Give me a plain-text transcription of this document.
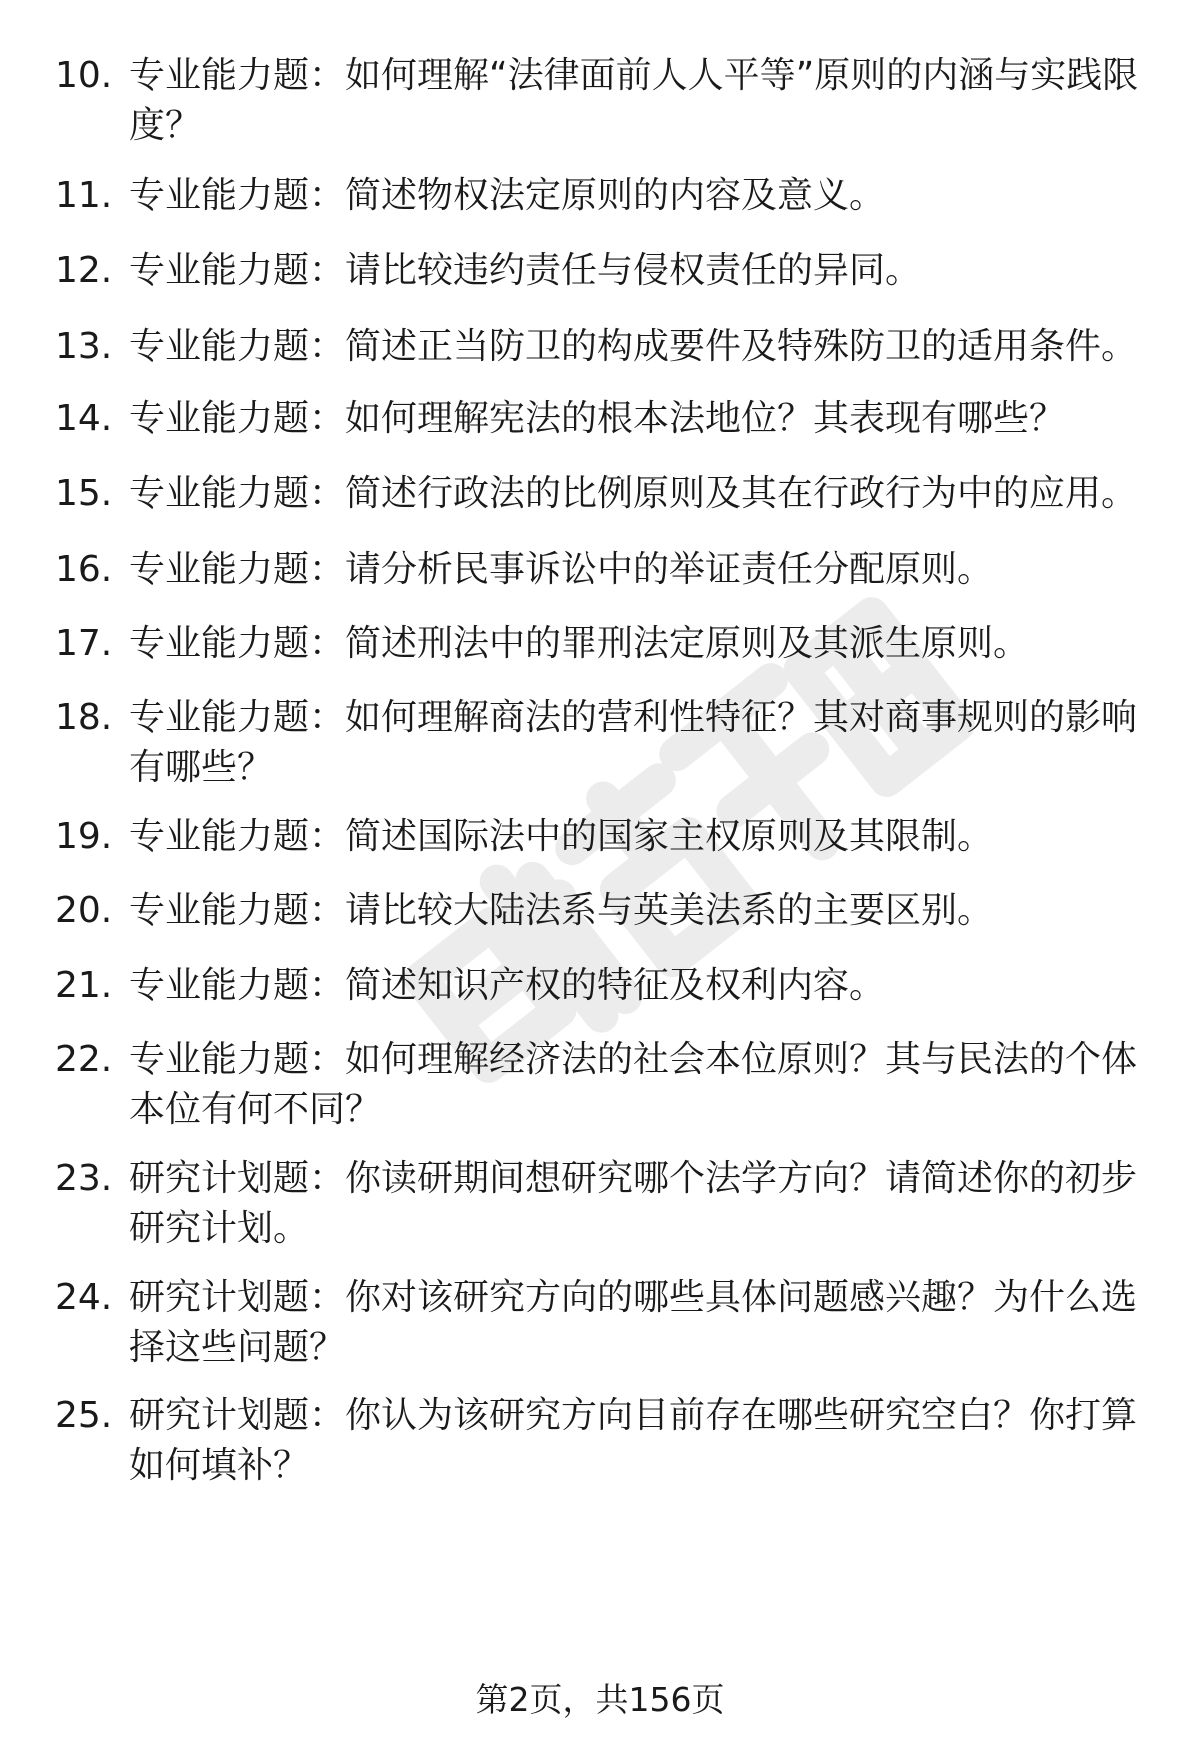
10. 专业能力题：如何理解“法律面前人人平等”原则的内涵与实践限度？
11. 专业能力题：简述物权法定原则的内容及意义。
12. 专业能力题：请比较违约责任与侵权责任的异同。
13. 专业能力题：简述正当防卫的构成要件及特殊防卫的适用条件。
14. 专业能力题：如何理解宪法的根本法地位？其表现有哪些？
15. 专业能力题：简述行政法的比例原则及其在行政行为中的应用。
16. 专业能力题：请分析民事诉讼中的举证责任分配原则。
17. 专业能力题：简述刑法中的罪刑法定原则及其派生原则。
18. 专业能力题：如何理解商法的营利性特征？其对商事规则的影响有哪些？
19. 专业能力题：简述国际法中的国家主权原则及其限制。
20. 专业能力题：请比较大陆法系与英美法系的主要区别。
21. 专业能力题：简述知识产权的特征及权利内容。
22. 专业能力题：如何理解经济法的社会本位原则？其与民法的个体本位有何不同？
23. 研究计划题：你读研期间想研究哪个法学方向？请简述你的初步研究计划。
24. 研究计划题：你对该研究方向的哪些具体问题感兴趣？为什么选择这些问题？
25. 研究计划题：你认为该研究方向目前存在哪些研究空白？你打算如何填补？
第2页，共156页
